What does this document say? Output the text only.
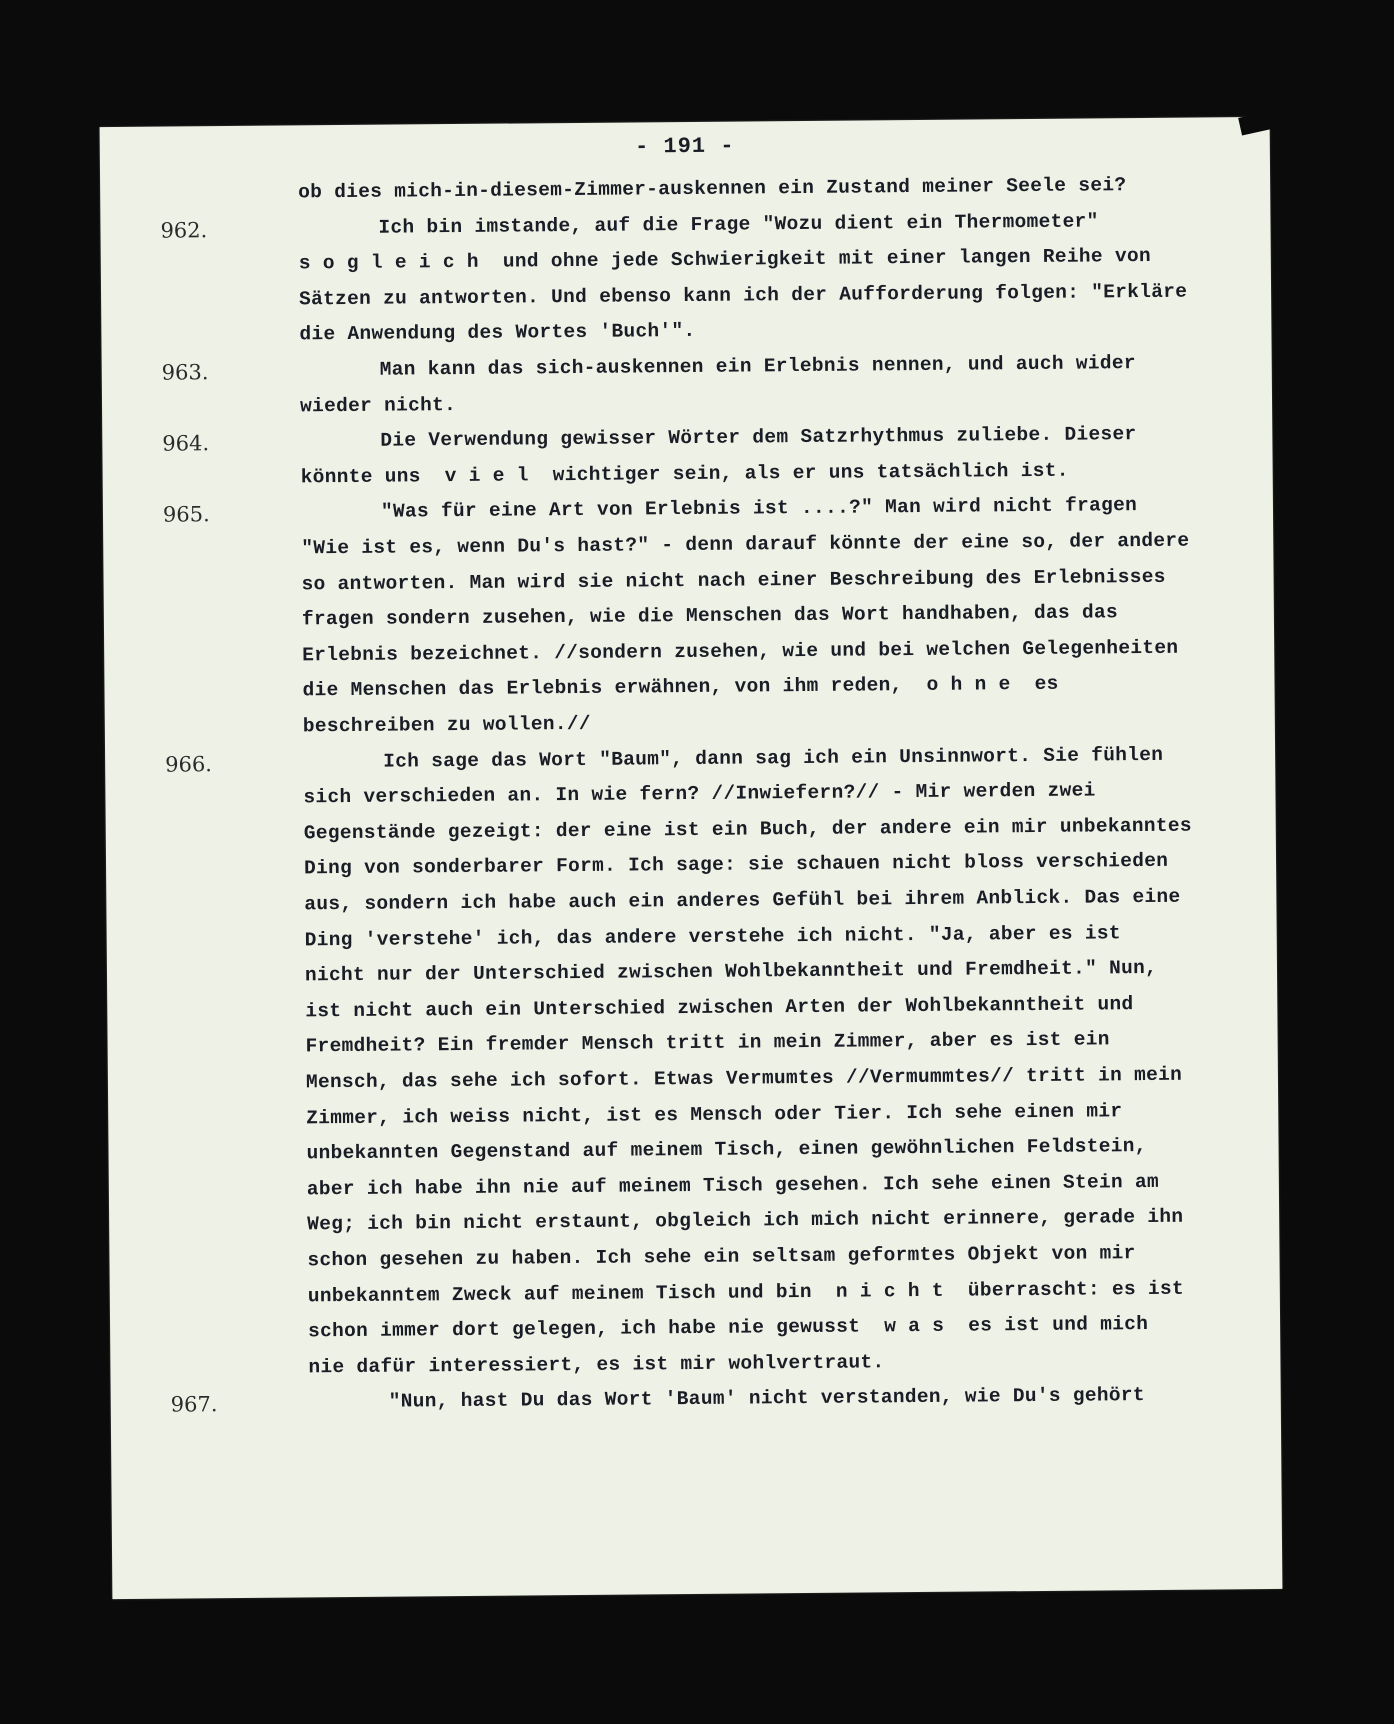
- 191 -
ob dies mich-in-diesem-Zimmer-auskennen ein Zustand meiner Seele sei?
962.	Ich bin imstande, auf die Frage "Wozu dient ein Thermometer"
s o g l e i c h  und ohne jede Schwierigkeit mit einer langen Reihe von
Sätzen zu antworten. Und ebenso kann ich der Aufforderung folgen: "Erkläre
die Anwendung des Wortes 'Buch'".
963.	Man kann das sich-auskennen ein Erlebnis nennen, und auch wider
wieder nicht.
964.	Die Verwendung gewisser Wörter dem Satzrhythmus zuliebe. Dieser
könnte uns  v i e l  wichtiger sein, als er uns tatsächlich ist.
965.	"Was für eine Art von Erlebnis ist ....?" Man wird nicht fragen
"Wie ist es, wenn Du's hast?" - denn darauf könnte der eine so, der andere
so antworten. Man wird sie nicht nach einer Beschreibung des Erlebnisses
fragen sondern zusehen, wie die Menschen das Wort handhaben, das das
Erlebnis bezeichnet. //sondern zusehen, wie und bei welchen Gelegenheiten
die Menschen das Erlebnis erwähnen, von ihm reden,  o h n e  es
beschreiben zu wollen.//
966.	Ich sage das Wort "Baum", dann sag ich ein Unsinnwort. Sie fühlen
sich verschieden an. In wie fern? //Inwiefern?// - Mir werden zwei
Gegenstände gezeigt: der eine ist ein Buch, der andere ein mir unbekanntes
Ding von sonderbarer Form. Ich sage: sie schauen nicht bloss verschieden
aus, sondern ich habe auch ein anderes Gefühl bei ihrem Anblick. Das eine
Ding 'verstehe' ich, das andere verstehe ich nicht. "Ja, aber es ist
nicht nur der Unterschied zwischen Wohlbekanntheit und Fremdheit." Nun,
ist nicht auch ein Unterschied zwischen Arten der Wohlbekanntheit und
Fremdheit? Ein fremder Mensch tritt in mein Zimmer, aber es ist ein
Mensch, das sehe ich sofort. Etwas Vermumtes //Vermummtes// tritt in mein
Zimmer, ich weiss nicht, ist es Mensch oder Tier. Ich sehe einen mir
unbekannten Gegenstand auf meinem Tisch, einen gewöhnlichen Feldstein,
aber ich habe ihn nie auf meinem Tisch gesehen. Ich sehe einen Stein am
Weg; ich bin nicht erstaunt, obgleich ich mich nicht erinnere, gerade ihn
schon gesehen zu haben. Ich sehe ein seltsam geformtes Objekt von mir
unbekanntem Zweck auf meinem Tisch und bin  n i c h t  überrascht: es ist
schon immer dort gelegen, ich habe nie gewusst  w a s  es ist und mich
nie dafür interessiert, es ist mir wohlvertraut.
967.	"Nun, hast Du das Wort 'Baum' nicht verstanden, wie Du's gehört
